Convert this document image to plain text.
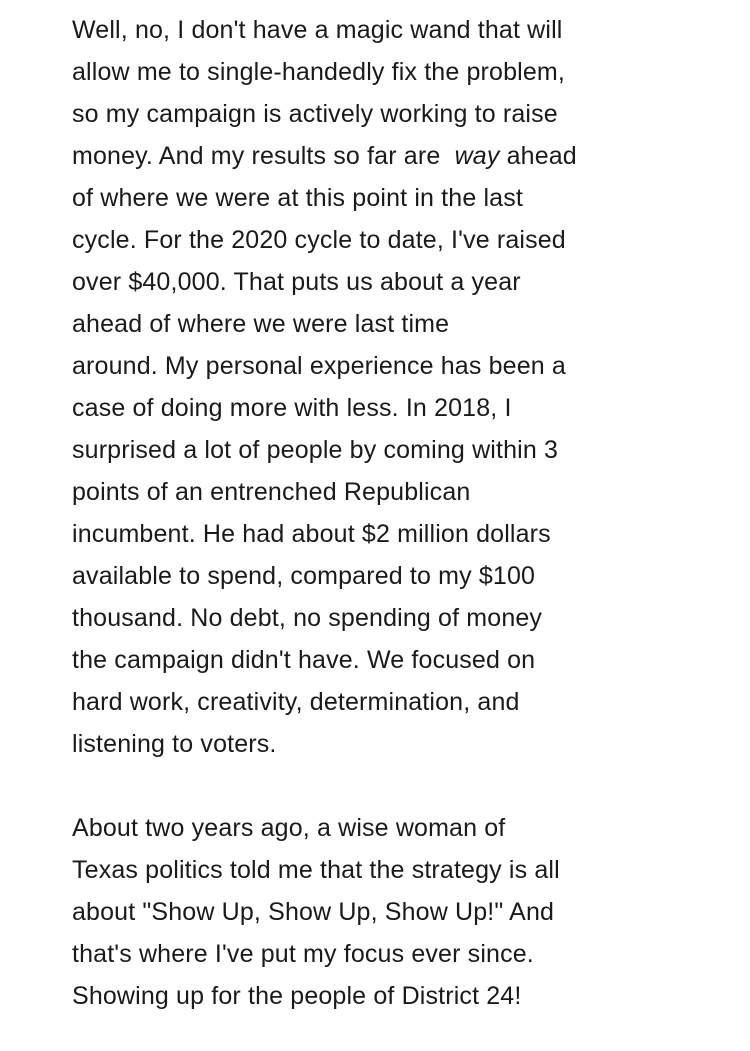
Well, no, I don't have a magic wand that will
allow me to single-handedly fix the problem,
so my campaign is actively working to raise
money. And my results so far are  way ahead
of where we were at this point in the last
cycle. For the 2020 cycle to date, I've raised
over $40,000. That puts us about a year
ahead of where we were last time
around. My personal experience has been a
case of doing more with less. In 2018, I
surprised a lot of people by coming within 3
points of an entrenched Republican
incumbent. He had about $2 million dollars
available to spend, compared to my $100
thousand. No debt, no spending of money
the campaign didn't have. We focused on
hard work, creativity, determination, and
listening to voters.
About two years ago, a wise woman of
Texas politics told me that the strategy is all
about "Show Up, Show Up, Show Up!" And
that's where I've put my focus ever since.
Showing up for the people of District 24!
